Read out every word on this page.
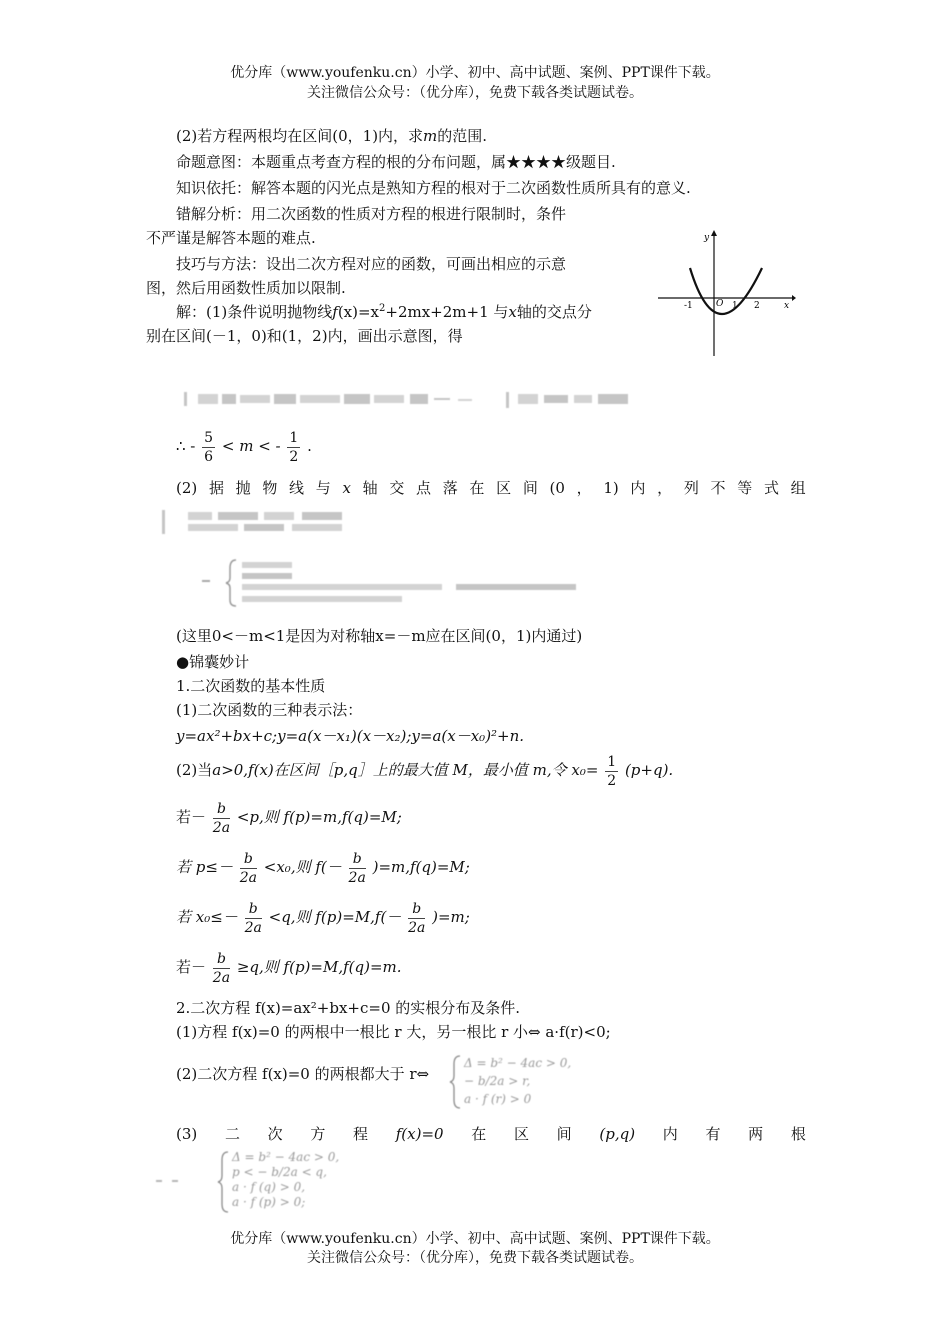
优分库（www.youfenku.cn）小学、初中、高中试题、案例、PPT课件下载。
关注微信公众号：（优分库），免费下载各类试题试卷。
(2)若方程两根均在区间(0，1)内，求m的范围.
命题意图：本题重点考查方程的根的分布问题，属★★★★级题目.
知识依托：解答本题的闪光点是熟知方程的根对于二次函数性质所具有的意义.
错解分析：用二次函数的性质对方程的根进行限制时，条件
不严谨是解答本题的难点.
技巧与方法：设出二次方程对应的函数，可画出相应的示意
图，然后用函数性质加以限制.
解：(1)条件说明抛物线$f(x)=x^2+2mx+2m+1$ 与x轴的交点分
别在区间(－1，0)和(1，2)内，画出示意图，得
y
x
O
-1	1 2
∴ - $\frac{5}{6} < m$ < - $\frac{1}{2}$ .
(2) 据 抛 物 线 与 x 轴 交 点 落 在 区 间 (0 ， 1) 内 ， 列 不 等 式 组
(这里0<－m<1是因为对称轴x=－m应在区间(0，1)内通过)
●锦囊妙计
1.二次函数的基本性质
(1)二次函数的三种表示法：
y=ax²+bx+c;y=a(x－x₁)(x－x₂);y=a(x－x₀)²+n.
(2)当a>0,f(x)在区间［p,q］上的最大值 M，最小值 m,令 $x_0= \frac{1}{2} (p+q)$.
若－ $\frac{b}{2a} <p$,则 f(p)=m,f(q)=M;
若 $p\le- \frac{b}{2a} <x_0$,则 $f(- \frac{b}{2a} )=m,f(q)=M$;
若 $x_0\le- \frac{b}{2a} <q$,则 $f(p)=M,f(- \frac{b}{2a} )=m$;
若－ $\frac{b}{2a} \ge q$,则 f(p)=M,f(q)=m.
2.二次方程 f(x)=ax²+bx+c=0 的实根分布及条件.
(1)方程 f(x)=0 的两根中一根比 r 大，另一根比 r 小⇔ a·f(r)<0;
(2)二次方程 f(x)=0 的两根都大于 r⇔
Δ = b² − 4ac > 0,
− b/2a > r,
a · f (r) > 0
(3) 二 次 方 程 f(x)=0 在 区 间 (p,q) 内 有 两 根
Δ = b² − 4ac > 0,
p < − b/2a < q,
a · f (q) > 0,
a · f (p) > 0;
优分库（www.youfenku.cn）小学、初中、高中试题、案例、PPT课件下载。
关注微信公众号：（优分库），免费下载各类试题试卷。
